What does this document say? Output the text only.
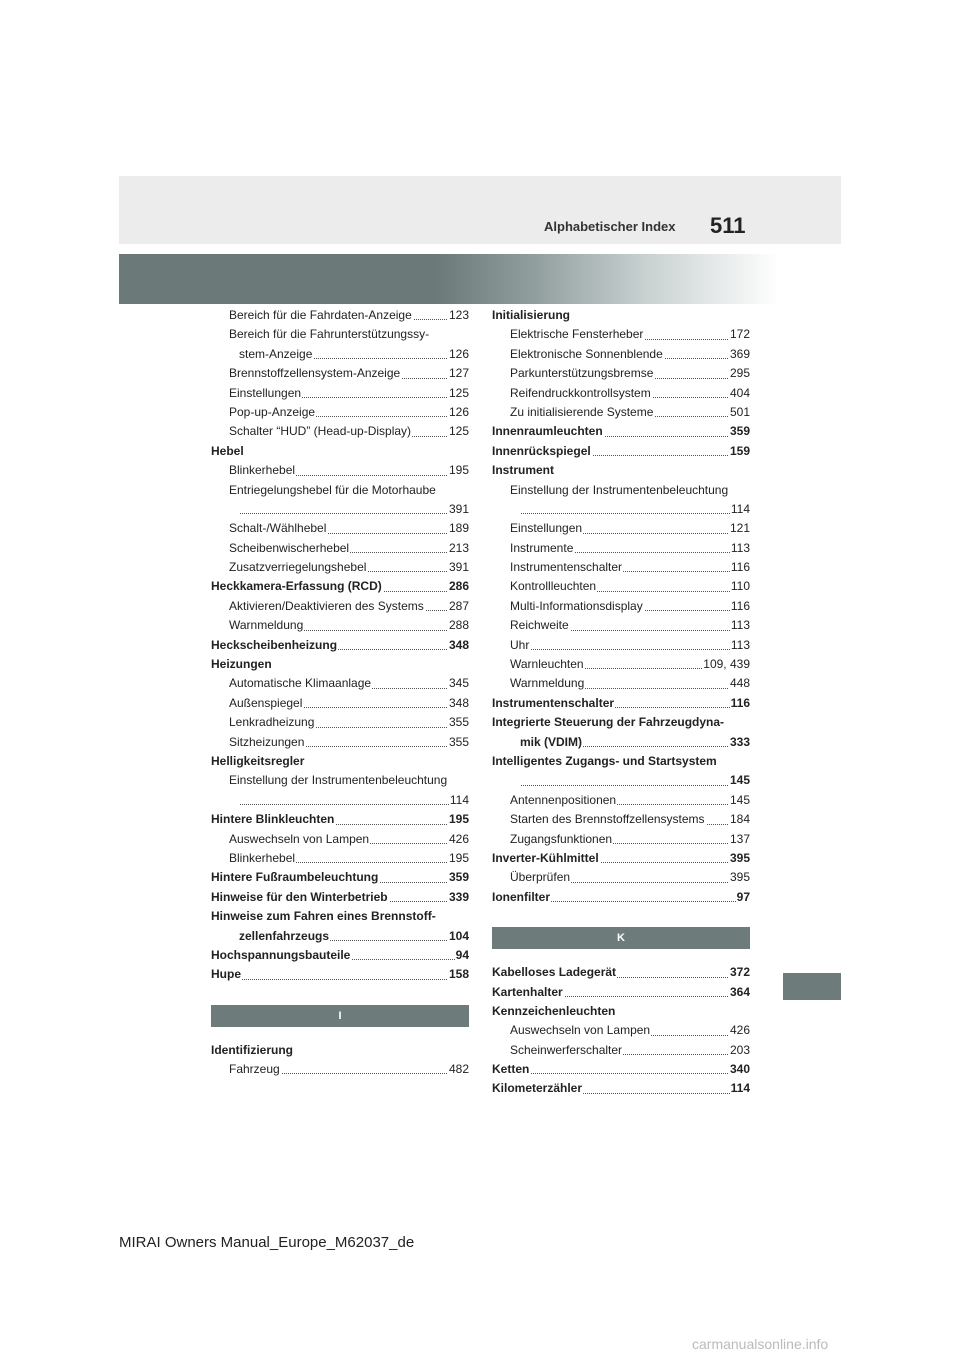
Alphabetischer Index 511
Bereich für die Fahrdaten-Anzeige	123
Bereich für die Fahrunterstützungssy-
stem-Anzeige	126
Brennstoffzellensystem-Anzeige	127
Einstellungen	125
Pop-up-Anzeige	126
Schalter “HUD” (Head-up-Display)	125
Hebel
Blinkerhebel	195
Entriegelungshebel für die Motorhaube
391
Schalt-/Wählhebel	189
Scheibenwischerhebel	213
Zusatzverriegelungshebel	391
Heckkamera-Erfassung (RCD)	286
Aktivieren/Deaktivieren des Systems 287
Warnmeldung	288
Heckscheibenheizung	348
Heizungen
Automatische Klimaanlage	345
Außenspiegel	348
Lenkradheizung	355
Sitzheizungen	355
Helligkeitsregler
Einstellung der Instrumentenbeleuchtung
114
Hintere Blinkleuchten	195
Auswechseln von Lampen	426
Blinkerhebel	195
Hintere Fußraumbeleuchtung	359
Hinweise für den Winterbetrieb	339
Hinweise zum Fahren eines Brennstoff-
zellenfahrzeugs	104
Hochspannungsbauteile	94
Hupe	158
I
Identifizierung
Fahrzeug	482
Initialisierung
Elektrische Fensterheber	172
Elektronische Sonnenblende	369
Parkunterstützungsbremse	295
Reifendruckkontrollsystem	404
Zu initialisierende Systeme	501
Innenraumleuchten	359
Innenrückspiegel	159
Instrument
Einstellung der Instrumentenbeleuchtung
114
Einstellungen	121
Instrumente	113
Instrumentenschalter	116
Kontrollleuchten	110
Multi-Informationsdisplay	116
Reichweite	113
Uhr	113
Warnleuchten	109, 439
Warnmeldung	448
Instrumentenschalter	116
Integrierte Steuerung der Fahrzeugdyna-
mik (VDIM)	333
Intelligentes Zugangs- und Startsystem
145
Antennenpositionen	145
Starten des Brennstoffzellensystems 184
Zugangsfunktionen	137
Inverter-Kühlmittel	395
Überprüfen	395
Ionenfilter	97
K
Kabelloses Ladegerät	372
Kartenhalter	364
Kennzeichenleuchten
Auswechseln von Lampen	426
Scheinwerferschalter	203
Ketten	340
Kilometerzähler	114
MIRAI Owners Manual_Europe_M62037_de
carmanualsonline.info
